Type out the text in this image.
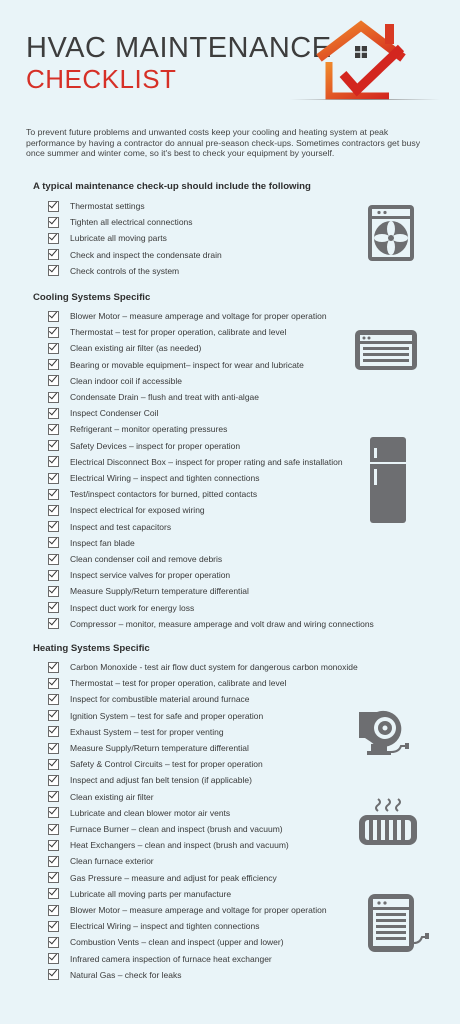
HVAC MAINTENANCE
CHECKLIST
To prevent future problems and unwanted costs keep your cooling and heating system at peak performance by having a contractor do annual pre-season check-ups. Sometimes contractors get busy once summer and winter come, so it's best to check your equipment by yourself.
A typical maintenance check-up should include the following
Thermostat settings
Tighten all electrical connections
Lubricate all moving parts
Check and inspect the condensate drain
Check controls of the system
Cooling Systems Specific
Blower Motor – measure amperage and voltage for proper operation
Thermostat – test for proper operation, calibrate and level
Clean existing air filter (as needed)
Bearing or movable equipment– inspect for wear and lubricate
Clean indoor coil if accessible
Condensate Drain – flush and treat with anti-algae
Inspect Condenser Coil
Refrigerant – monitor operating pressures
Safety Devices – inspect for proper operation
Electrical Disconnect Box – inspect for proper rating and safe installation
Electrical Wiring – inspect and tighten connections
Test/inspect contactors for burned, pitted contacts
Inspect electrical for exposed wiring
Inspect and test capacitors
Inspect fan blade
Clean condenser coil and remove debris
Inspect service valves for proper operation
Measure Supply/Return temperature differential
Inspect duct work for energy loss
Compressor – monitor, measure amperage and volt draw and wiring connections
Heating Systems Specific
Carbon Monoxide - test air flow duct system for dangerous carbon monoxide
Thermostat – test for proper operation, calibrate and level
Inspect for combustible material around furnace
Ignition System – test for safe and proper operation
Exhaust System – test for proper venting
Measure Supply/Return temperature differential
Safety & Control Circuits – test for proper operation
Inspect and adjust fan belt tension (if applicable)
Clean existing air filter
Lubricate and clean blower motor air vents
Furnace Burner – clean and inspect (brush and vacuum)
Heat Exchangers – clean and inspect (brush and vacuum)
Clean furnace exterior
Gas Pressure – measure and adjust for peak efficiency
Lubricate all moving parts per manufacture
Blower Motor – measure amperage and voltage for proper operation
Electrical Wiring – inspect and tighten connections
Combustion Vents – clean and inspect (upper and lower)
Infrared camera inspection of furnace heat exchanger
Natural Gas – check for leaks
